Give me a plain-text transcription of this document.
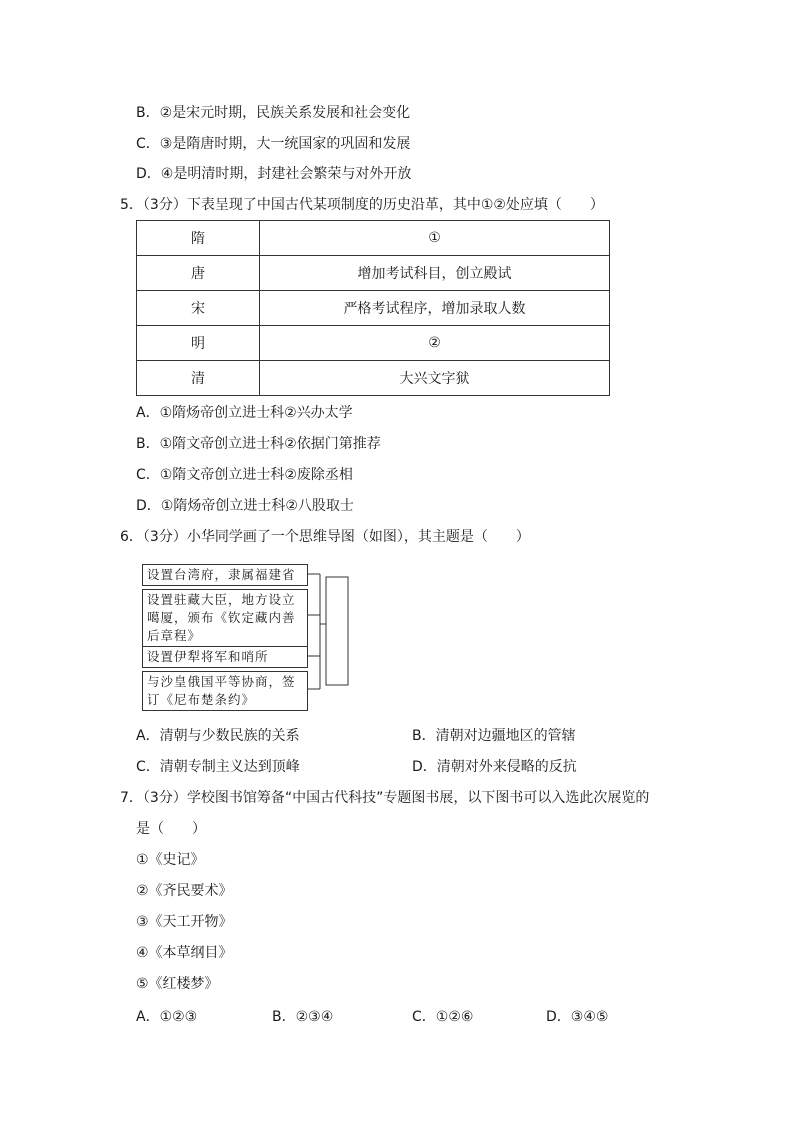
B．②是宋元时期，民族关系发展和社会变化
C．③是隋唐时期，大一统国家的巩固和发展
D．④是明清时期，封建社会繁荣与对外开放
5．（3分）下表呈现了中国古代某项制度的历史沿革，其中①②处应填（　　）
隋	①
唐	增加考试科目，创立殿试
宋	严格考试程序，增加录取人数
明	②
清	大兴文字狱
A．①隋炀帝创立进士科②兴办太学
B．①隋文帝创立进士科②依据门第推荐
C．①隋文帝创立进士科②废除丞相
D．①隋炀帝创立进士科②八股取士
6．（3分）小华同学画了一个思维导图（如图），其主题是（　　）
设置台湾府，隶属福建省
设置驻藏大臣，地方设立噶厦，颁布《钦定藏内善后章程》
设置伊犁将军和哨所
与沙皇俄国平等协商，签订《尼布楚条约》
A．清朝与少数民族的关系	B．清朝对边疆地区的管辖
C．清朝专制主义达到顶峰	D．清朝对外来侵略的反抗
7．（3分）学校图书馆筹备“中国古代科技”专题图书展，以下图书可以入选此次展览的
是（　　）
①《史记》
②《齐民要术》
③《天工开物》
④《本草纲目》
⑤《红楼梦》
A．①②③	B．②③④	C．①②⑥	D．③④⑤
